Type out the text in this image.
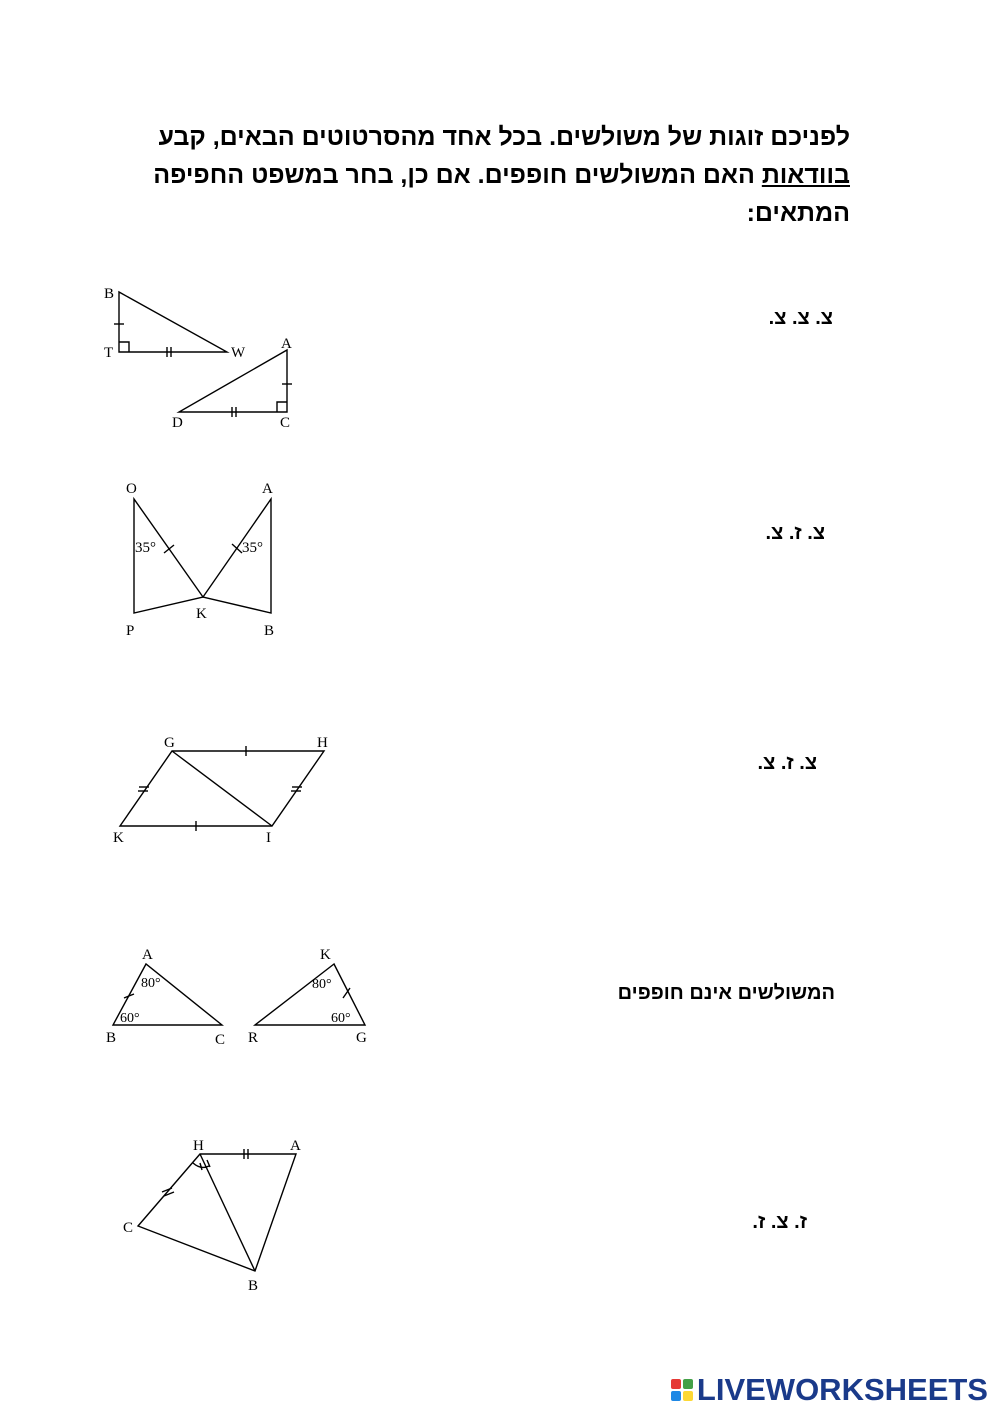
לפניכם זוגות של משולשים. בכל אחד מהסרטוטים הבאים, קבע
בוודאות האם המשולשים חופפים. אם כן, בחר במשפט החפיפה
המתאים:
B
T	W
A
D	C
צ. צ. צ.
O	A
P
K
B
35°	35°
צ. ז. צ.
G	H
K	I
צ. ז. צ.
A
B	C
80°
60°
K
R	G
80°
60°
המשולשים אינם חופפים
H	A
C
B
ז. צ. ז.
LIVEWORKSHEETS
